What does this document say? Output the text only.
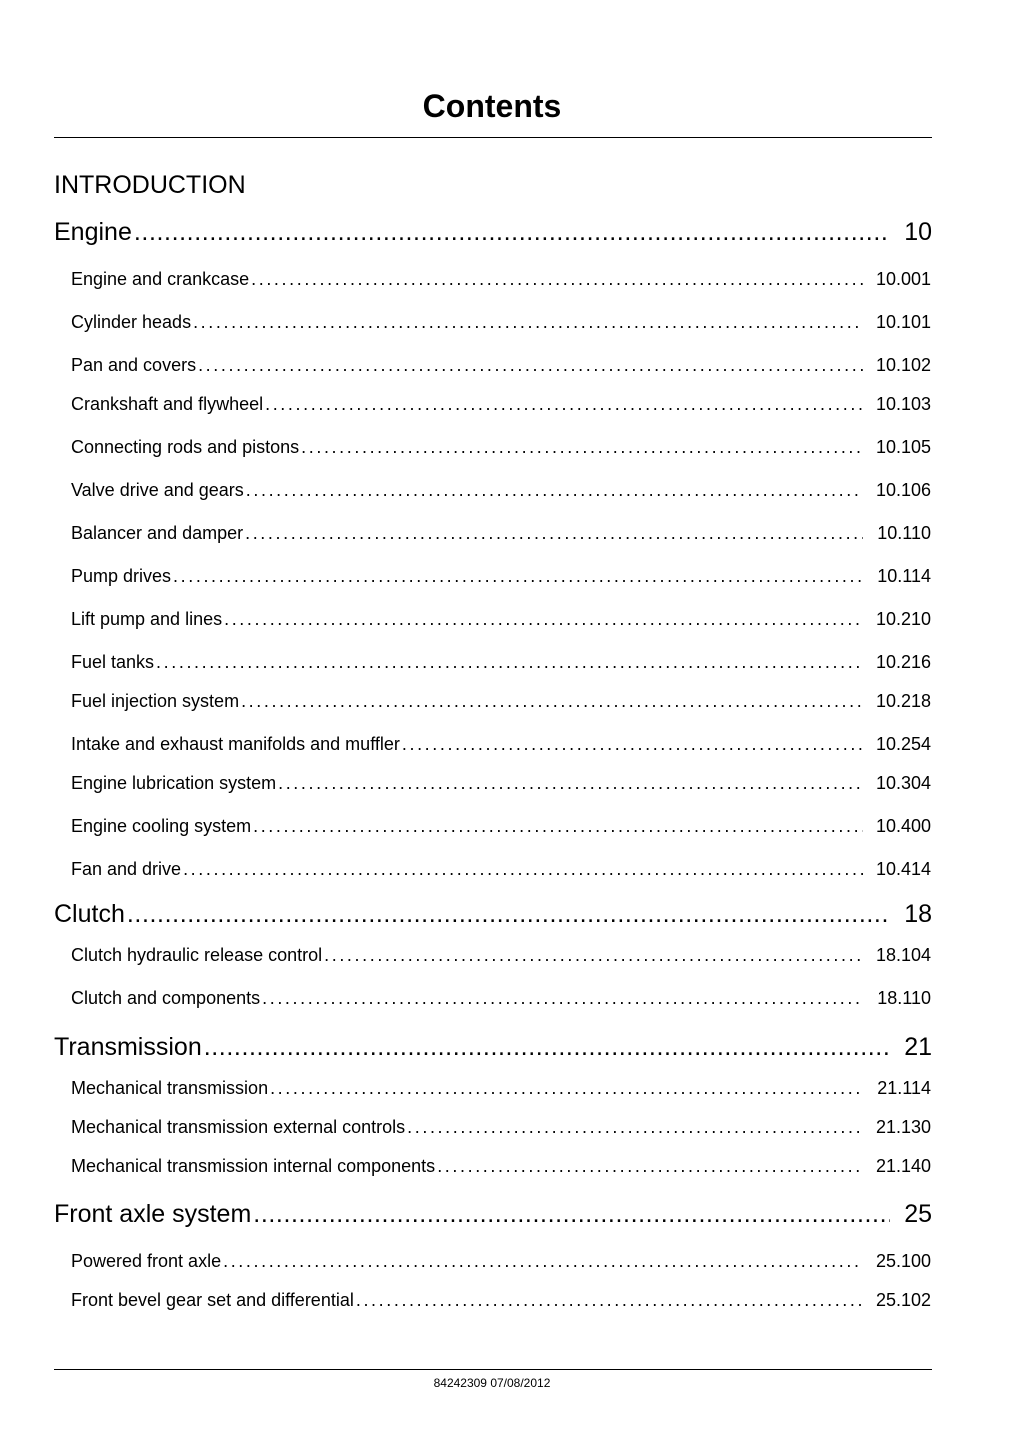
Contents
INTRODUCTION
Engine .....	10
Engine and crankcase .....	10.001
Cylinder heads .....	10.101
Pan and covers .....	10.102
Crankshaft and flywheel .....	10.103
Connecting rods and pistons .....	10.105
Valve drive and gears .....	10.106
Balancer and damper .....	10.110
Pump drives .....	10.114
Lift pump and lines .....	10.210
Fuel tanks .....	10.216
Fuel injection system .....	10.218
Intake and exhaust manifolds and muffler .....	10.254
Engine lubrication system .....	10.304
Engine cooling system .....	10.400
Fan and drive .....	10.414
Clutch .....	18
Clutch hydraulic release control .....	18.104
Clutch and components .....	18.110
Transmission .....	21
Mechanical transmission .....	21.114
Mechanical transmission external controls .....	21.130
Mechanical transmission internal components .....	21.140
Front axle system .....	25
Powered front axle .....	25.100
Front bevel gear set and differential .....	25.102
84242309 07/08/2012
